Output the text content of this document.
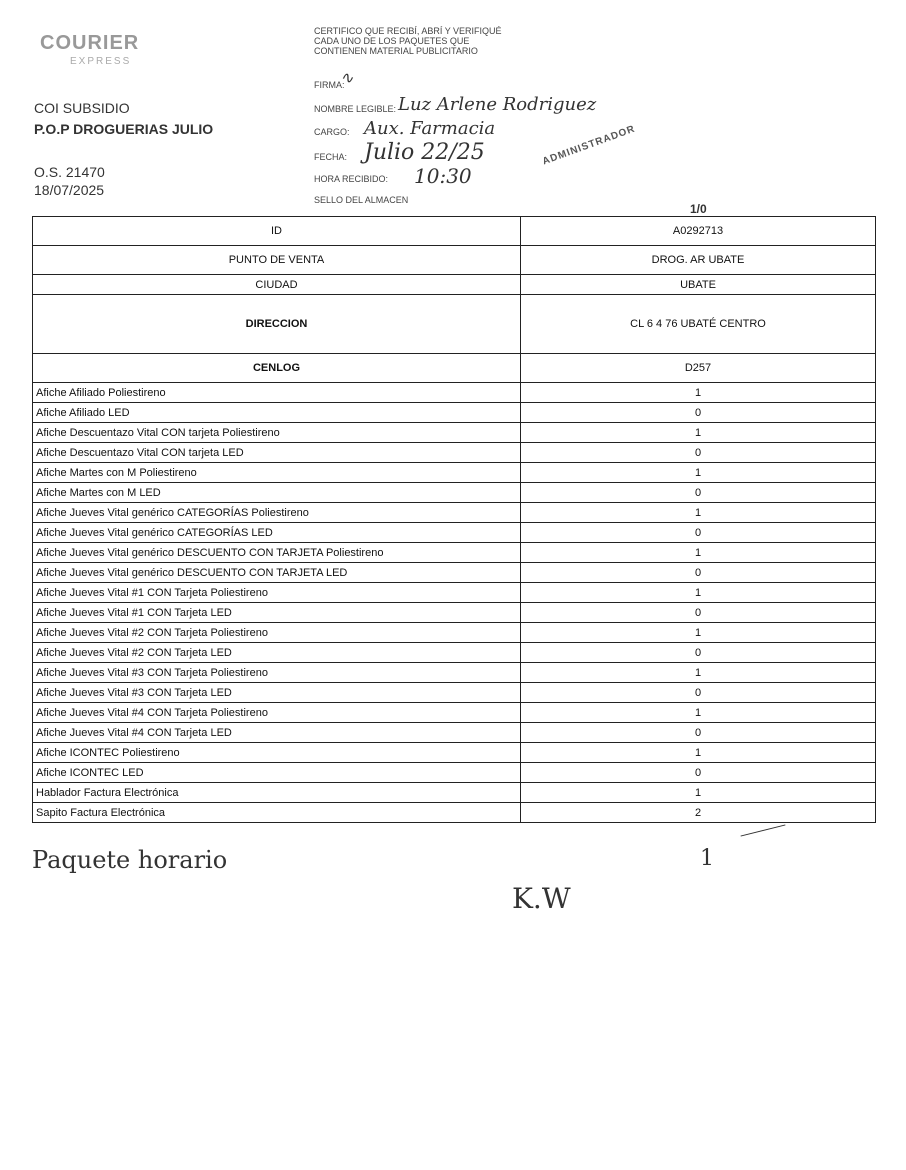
COURIER
EXPRESS
COI SUBSIDIO
P.O.P DROGUERIAS JULIO
O.S. 21470
18/07/2025
CERTIFICO QUE RECIBÍ, ABRÍ Y VERIFIQUÉ CADA UNO DE LOS PAQUETES QUE CONTIENEN MATERIAL PUBLICITARIO
FIRMA:
∿
NOMBRE LEGIBLE: Luz Arlene Rodriguez
CARGO: Aux. Farmacia
FECHA: Julio 22/25
HORA RECIBIDO: 10:30
SELLO DEL ALMACEN
ADMINISTRADOR
1/0
ID	A0292713
PUNTO DE VENTA	DROG. AR UBATE
CIUDAD	UBATE
DIRECCION	CL 6 4 76 UBATÉ CENTRO
CENLOG	D257
Afiche Afiliado Poliestireno	1
Afiche Afiliado LED	0
Afiche Descuentazo Vital CON tarjeta Poliestireno	1
Afiche Descuentazo Vital CON tarjeta LED	0
Afiche Martes con M Poliestireno	1
Afiche Martes con M LED	0
Afiche Jueves Vital genérico CATEGORÍAS Poliestireno	1
Afiche Jueves Vital genérico CATEGORÍAS LED	0
Afiche Jueves Vital genérico DESCUENTO CON TARJETA Poliestireno	1
Afiche Jueves Vital genérico DESCUENTO CON TARJETA LED	0
Afiche Jueves Vital #1 CON Tarjeta Poliestireno	1
Afiche Jueves Vital #1 CON Tarjeta LED	0
Afiche Jueves Vital #2 CON Tarjeta Poliestireno	1
Afiche Jueves Vital #2 CON Tarjeta LED	0
Afiche Jueves Vital #3 CON Tarjeta Poliestireno	1
Afiche Jueves Vital #3 CON Tarjeta LED	0
Afiche Jueves Vital #4 CON Tarjeta Poliestireno	1
Afiche Jueves Vital #4 CON Tarjeta LED	0
Afiche ICONTEC Poliestireno	1
Afiche ICONTEC LED	0
Hablador Factura Electrónica	1
Sapito Factura Electrónica	2
Paquete horario	1
K.W
